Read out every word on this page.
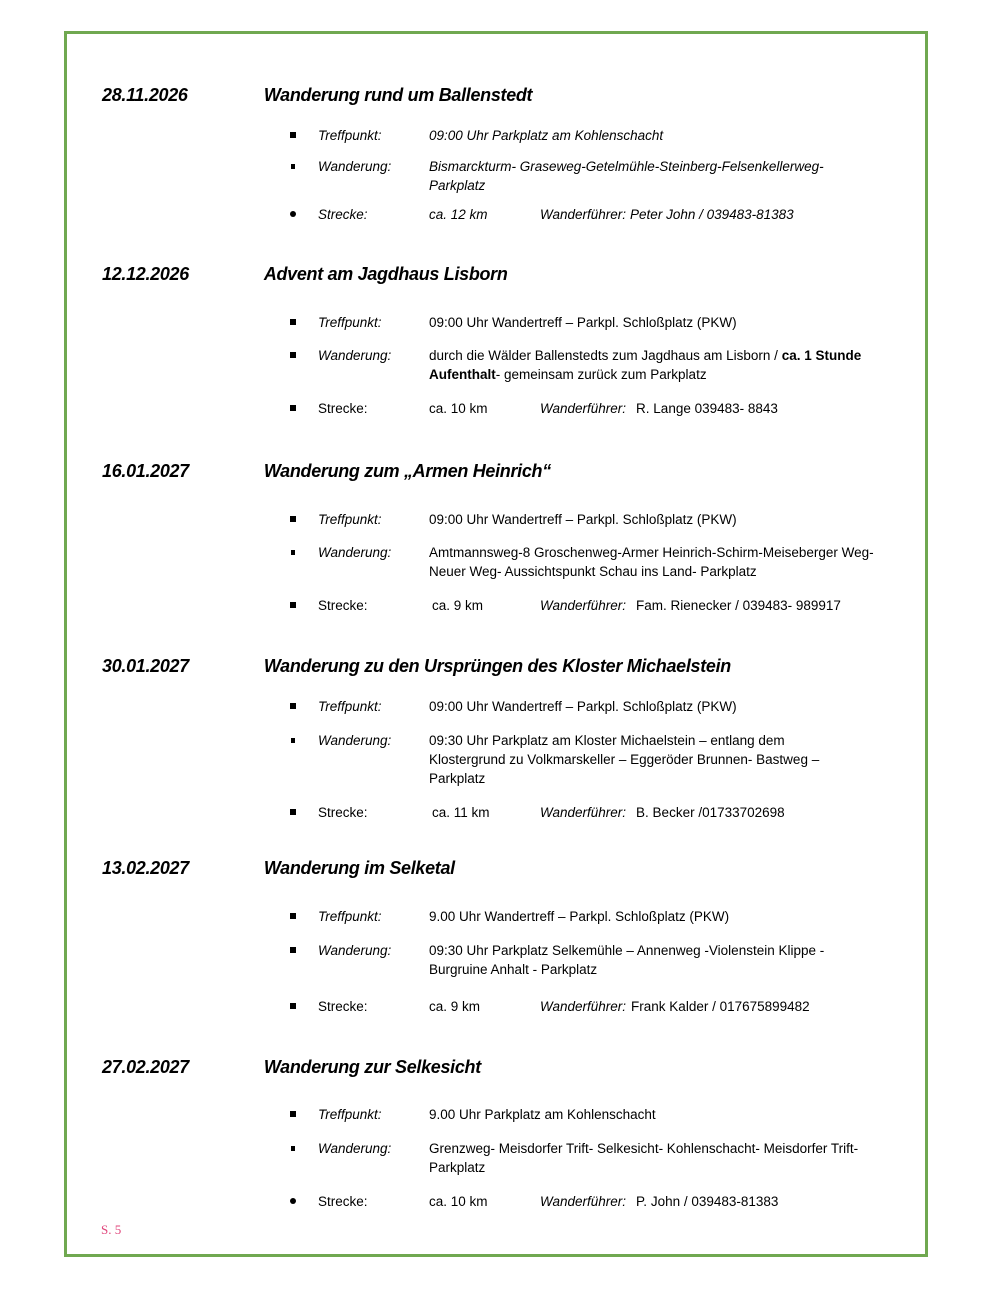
28.11.2026	Wanderung rund um Ballenstedt
Treffpunkt:	09:00 Uhr Parkplatz am Kohlenschacht
Wanderung:	Bismarckturm- Graseweg-Getelmühle-Steinberg-Felsenkellerweg-Parkplatz
Strecke:	ca. 12 km	Wanderführer: Peter John / 039483-81383
12.12.2026	Advent am Jagdhaus Lisborn
Treffpunkt:	09:00 Uhr Wandertreff – Parkpl. Schloßplatz (PKW)
Wanderung:	durch die Wälder Ballenstedts zum Jagdhaus am Lisborn / ca. 1 Stunde Aufenthalt- gemeinsam zurück zum Parkplatz
Strecke:	ca. 10 km	Wanderführer: R. Lange 039483- 8843
16.01.2027	Wanderung zum „Armen Heinrich“
Treffpunkt:	09:00 Uhr Wandertreff – Parkpl. Schloßplatz (PKW)
Wanderung:	Amtmannsweg-8 Groschenweg-Armer Heinrich-Schirm-Meiseberger Weg- Neuer Weg- Aussichtspunkt Schau ins Land- Parkplatz
Strecke:	ca. 9 km	Wanderführer: Fam. Rienecker / 039483- 989917
30.01.2027	Wanderung zu den Ursprüngen des Kloster Michaelstein
Treffpunkt:	09:00 Uhr Wandertreff – Parkpl. Schloßplatz (PKW)
Wanderung:	09:30 Uhr Parkplatz am Kloster Michaelstein – entlang dem Klostergrund zu Volkmarskeller – Eggeröder Brunnen- Bastweg – Parkplatz
Strecke:	ca. 11 km	Wanderführer: B. Becker /01733702698
13.02.2027	Wanderung im Selketal
Treffpunkt:	9.00 Uhr Wandertreff – Parkpl. Schloßplatz (PKW)
Wanderung:	09:30 Uhr Parkplatz Selkemühle – Annenweg -Violenstein Klippe - Burgruine Anhalt - Parkplatz
Strecke:	ca. 9 km	Wanderführer: Frank Kalder / 017675899482
27.02.2027	Wanderung zur Selkesicht
Treffpunkt:	9.00 Uhr Parkplatz am Kohlenschacht
Wanderung:	Grenzweg- Meisdorfer Trift- Selkesicht- Kohlenschacht- Meisdorfer Trift-Parkplatz
Strecke:	ca. 10 km	Wanderführer: P. John / 039483-81383
S. 5
